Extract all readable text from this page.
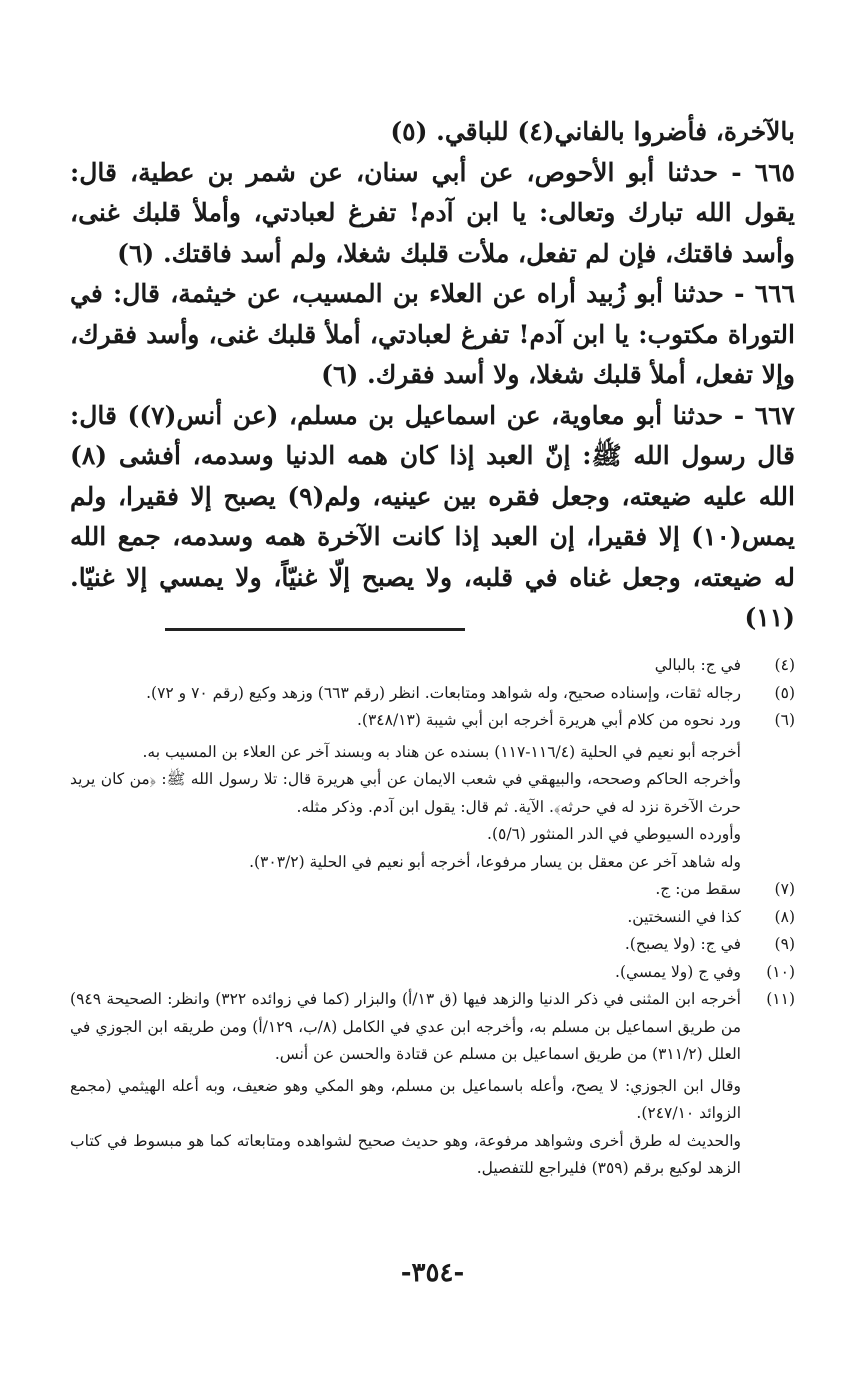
بالآخرة، فأضروا بالفاني(٤) للباقي. (٥)

٦٦٥ - حدثنا أبو الأحوص، عن أبي سنان، عن شمر بن عطية، قال: يقول الله تبارك وتعالى: يا ابن آدم! تفرغ لعبادتي، وأملأ قلبك غنى، وأسد فاقتك، فإن لم تفعل، ملأت قلبك شغلا، ولم أسد فاقتك. (٦)

٦٦٦ - حدثنا أبو زُبيد أراه عن العلاء بن المسيب، عن خيثمة، قال: في التوراة مكتوب: يا ابن آدم! تفرغ لعبادتي، أملأ قلبك غنى، وأسد فقرك، وإلا تفعل، أملأ قلبك شغلا، ولا أسد فقرك. (٦)

٦٦٧ - حدثنا أبو معاوية، عن اسماعيل بن مسلم، (عن أنس(٧)) قال: قال رسول الله ﷺ: إنّ العبد إذا كان همه الدنيا وسدمه، أفشى (٨) الله عليه ضيعته، وجعل فقره بين عينيه، ولم(٩) يصبح إلا فقيرا، ولم يمس(١٠) إلا فقيرا، إن العبد إذا كانت الآخرة همه وسدمه، جمع الله له ضيعته، وجعل غناه في قلبه، ولا يصبح إلّا غنيّاً، ولا يمسي إلا غنيّا. (١١)

(٤)
في ج: بالبالي
(٥)
رجاله ثقات، وإسناده صحيح، وله شواهد ومتابعات. انظر (رقم ٦٦٣) وزهد وكيع (رقم ٧٠ و ٧٢).
(٦)
ورد نحوه من كلام أبي هريرة أخرجه ابن أبي شيبة (٣٤٨/١٣).
أخرجه أبو نعيم في الحلية (١١٦/٤-١١٧) بسنده عن هناد به وبسند آخر عن العلاء بن المسيب به.
وأخرجه الحاكم وصححه، والبيهقي في شعب الايمان عن أبي هريرة قال: تلا رسول الله ﷺ: ﴿من كان يريد حرث الآخرة نزد له في حرثه﴾. الآية. ثم قال: يقول ابن آدم. وذكر مثله.
وأورده السيوطي في الدر المنثور (٥/٦).
وله شاهد آخر عن معقل بن يسار مرفوعا، أخرجه أبو نعيم في الحلية (٣٠٣/٢).
(٧)
سقط من: ج.
(٨)
كذا في النسختين.
(٩)
في ج: (ولا يصبح).
(١٠)
وفي ج (ولا يمسي).
(١١)
أخرجه ابن المثنى في ذكر الدنيا والزهد فيها (ق ١٣/أ) والبزار (كما في زوائده ٣٢٢) وانظر: الصحيحة ٩٤٩) من طريق اسماعيل بن مسلم به، وأخرجه ابن عدي في الكامل (٨/ب، ١٢٩/أ) ومن طريقه ابن الجوزي في العلل (٣١١/٢) من طريق اسماعيل بن مسلم عن قتادة والحسن عن أنس.
وقال ابن الجوزي: لا يصح، وأعله باسماعيل بن مسلم، وهو المكي وهو ضعيف، وبه أعله الهيثمي (مجمع الزوائد ٢٤٧/١٠).
والحديث له طرق أخرى وشواهد مرفوعة، وهو حديث صحيح لشواهده ومتابعاته كما هو مبسوط في كتاب الزهد لوكيع برقم (٣٥٩) فليراجع للتفصيل.
-٣٥٤-
